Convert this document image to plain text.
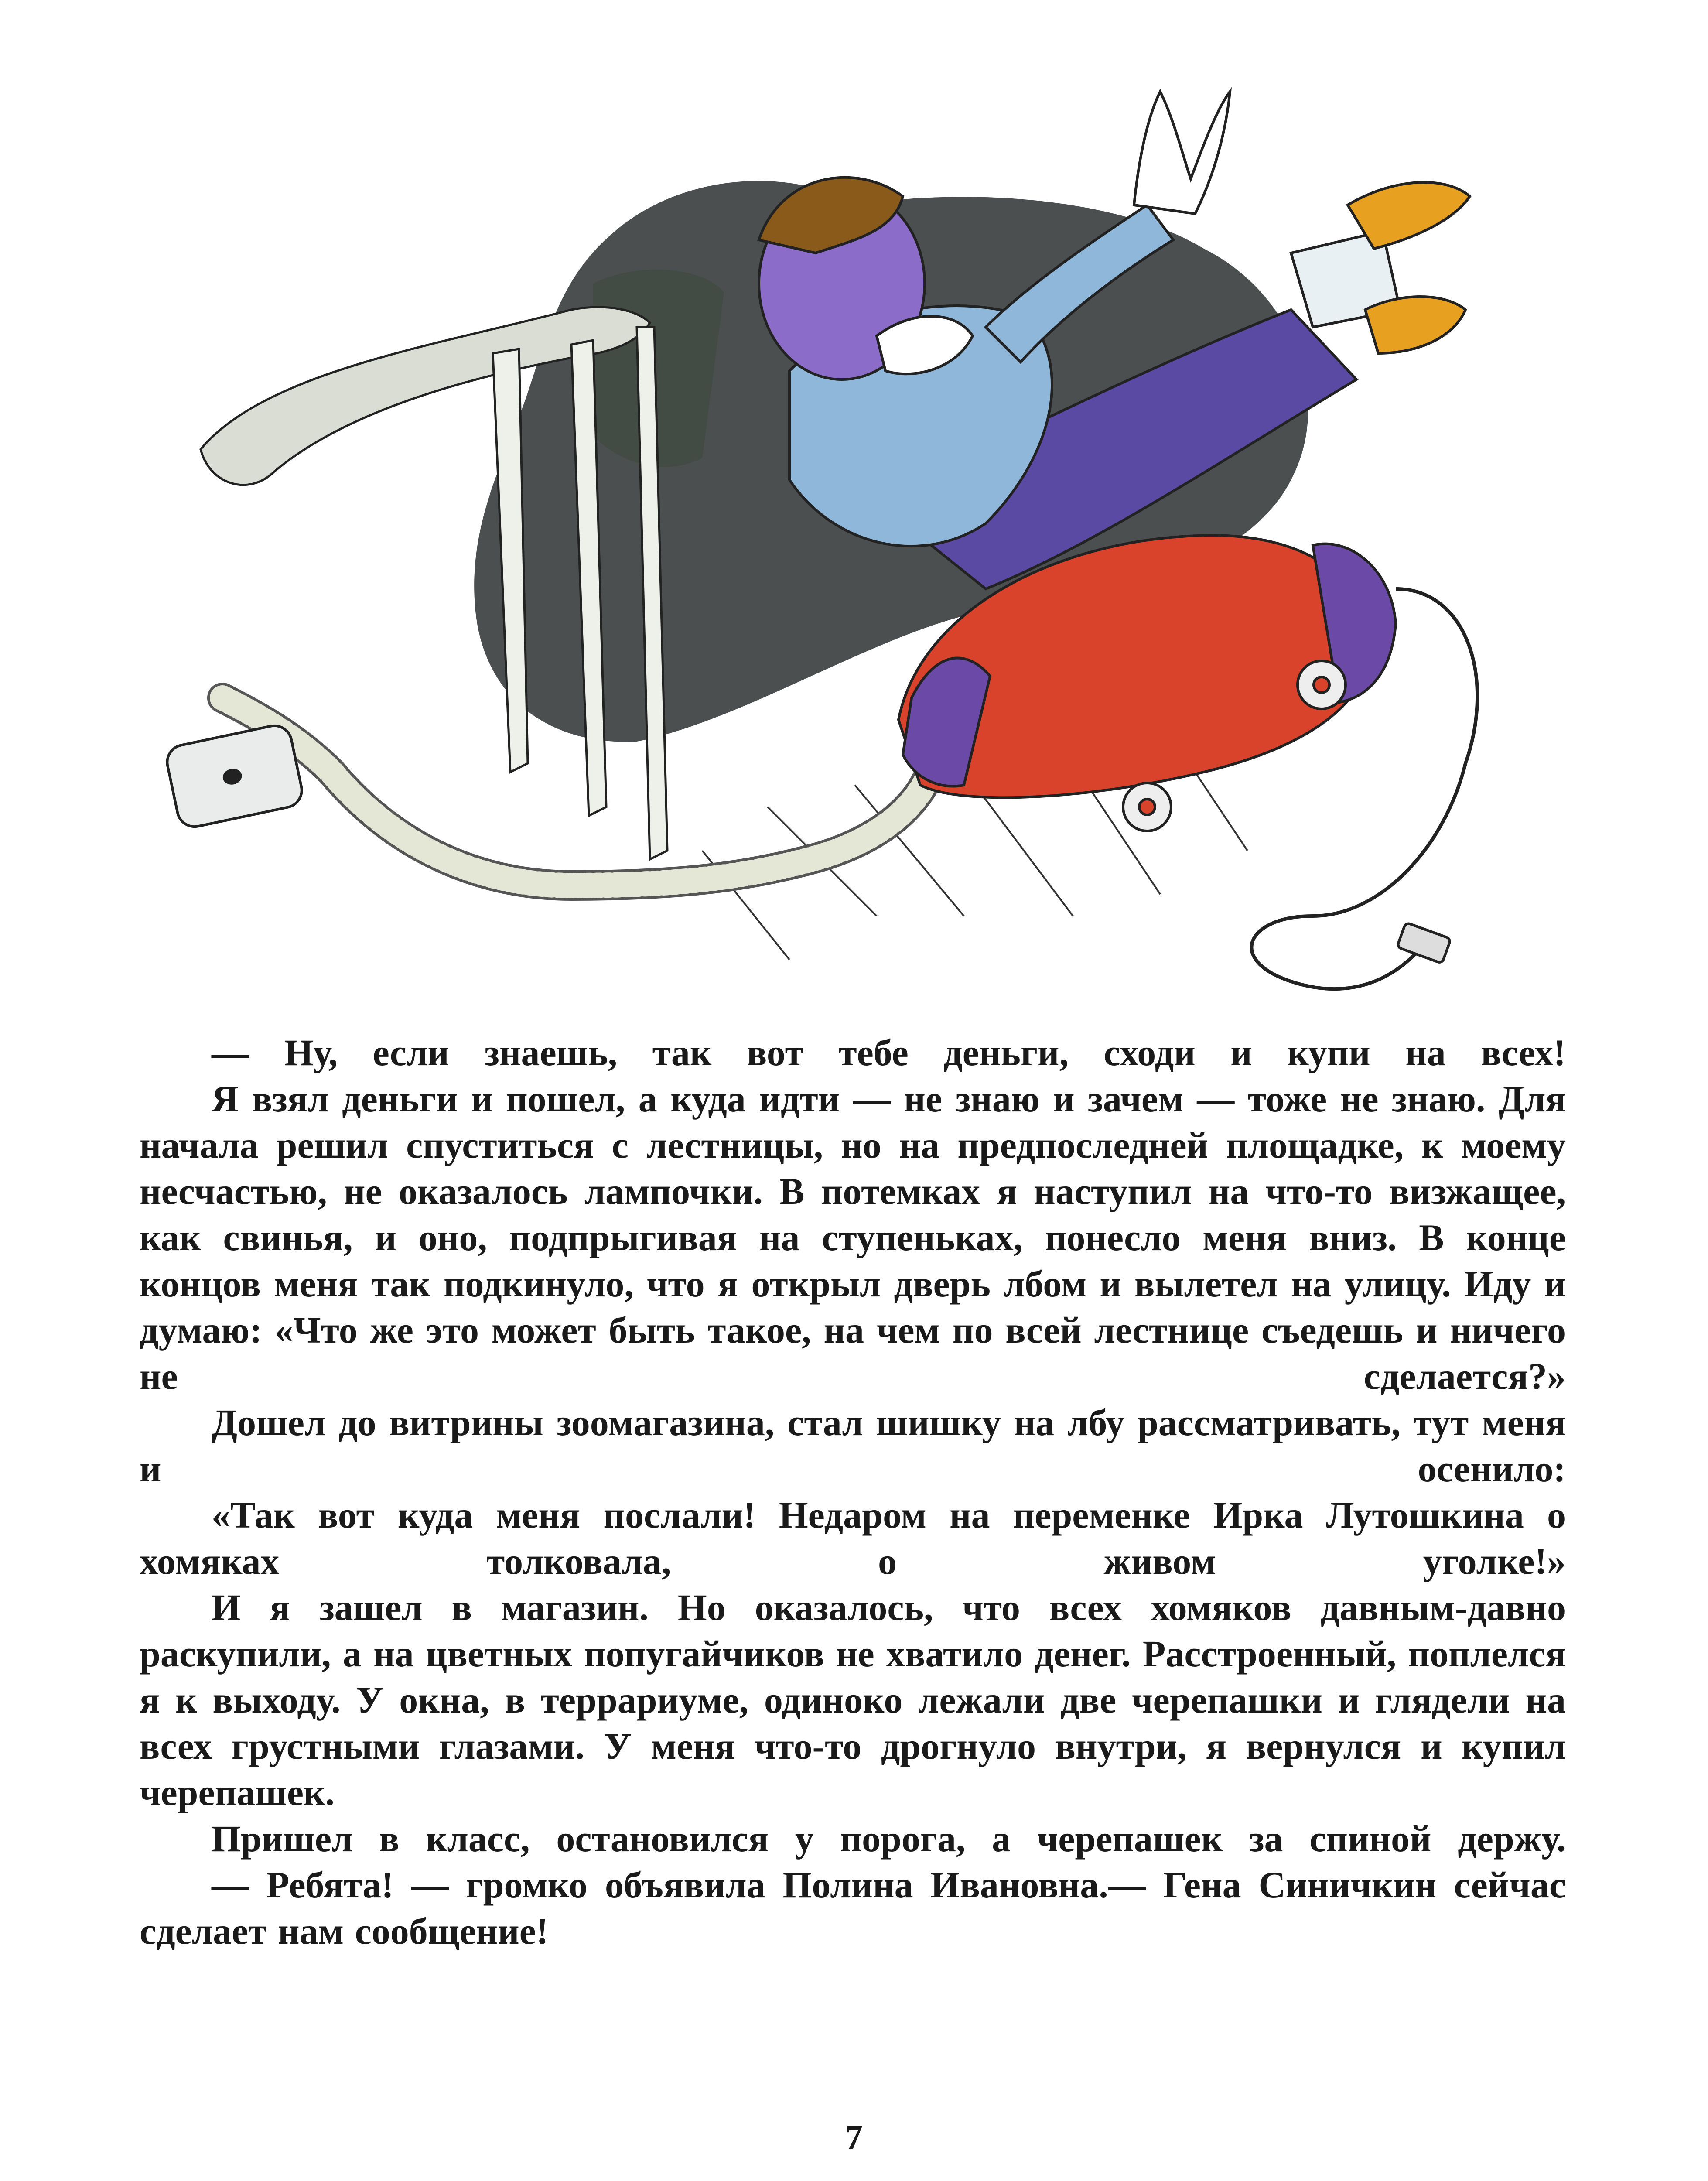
— Ну, если знаешь, так вот тебе деньги, сходи и купи на всех!

Я взял деньги и пошел, а куда идти — не знаю и зачем — тоже не знаю. Для начала решил спуститься с лестницы, но на предпоследней площадке, к моему несчастью, не оказалось лампочки. В потемках я наступил на что-то визжащее, как свинья, и оно, подпрыгивая на ступеньках, понесло меня вниз. В конце концов меня так подкинуло, что я открыл дверь лбом и вылетел на улицу. Иду и думаю: «Что же это может быть такое, на чем по всей лестнице съедешь и ничего не сделается?»

Дошел до витрины зоомагазина, стал шишку на лбу рассматривать, тут меня и осенило:

«Так вот куда меня послали! Недаром на переменке Ирка Лутошкина о хомяках толковала, о живом уголке!»

И я зашел в магазин. Но оказалось, что всех хомяков давным-давно раскупили, а на цветных попугайчиков не хватило денег. Расстроенный, поплелся я к выходу. У окна, в террариуме, одиноко лежали две черепашки и глядели на всех грустными глазами. У меня что-то дрогнуло внутри, я вернулся и купил черепашек.

Пришел в класс, остановился у порога, а черепашек за спиной держу.

— Ребята! — громко объявила Полина Ивановна.— Гена Синичкин сейчас сделает нам сообщение!

7
